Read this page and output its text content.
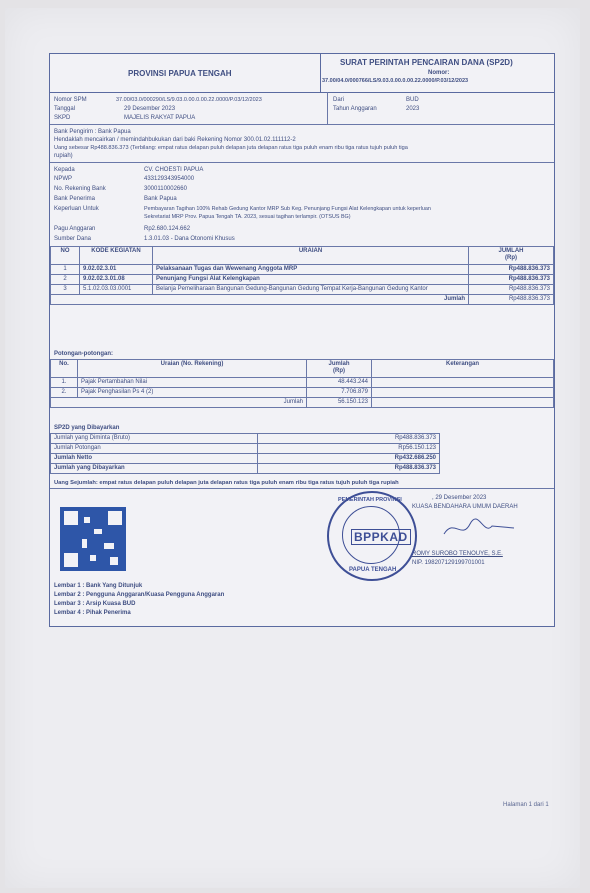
PROVINSI PAPUA TENGAH
SURAT PERINTAH PENCAIRAN DANA (SP2D)
Nomor:
37.00/04.0/000766/LS/9.03.0.00.0.00.22.0000/P.03/12/2023
Nomor SPM	37.00/03.0/000290/LS/9.03.0.00.0.00.22.0000/P.03/12/2023
Tanggal	29 Desember 2023
SKPD	MAJELIS RAKYAT PAPUA
Dari	BUD
Tahun Anggaran	2023
Bank Pengirim : Bank Papua
Hendaklah mencairkan / memindahbukukan dari baki Rekening Nomor 300.01.02.111112-2
Uang sebesar Rp488.836.373 (Terbilang: empat ratus delapan puluh delapan juta delapan ratus tiga puluh enam ribu tiga ratus tujuh puluh tiga
rupiah)
Kepada	CV. CHOESTI PAPUA
NPWP	433129343954000
No. Rekening Bank	3000110002660
Bank Penerima	Bank Papua
Keperluan Untuk	Pembayaran Tagihan 100% Rehab Gedung Kantor MRP Sub Keg. Penunjang Fungsi Alat Kelengkapan untuk keperluan
Sekretariat MRP Prov. Papua Tengah TA. 2023, sesuai tagihan terlampir. (OTSUS BG)
Pagu Anggaran	Rp2.680.124.662
Sumber Dana	1.3.01.03 - Dana Otonomi Khusus
NO	KODE KEGIATAN	URAIAN	JUMLAH
(Rp)
1	9.02.02.3.01	Pelaksanaan Tugas dan Wewenang Anggota MRP	Rp488.836.373
2	9.02.02.3.01.08	Penunjang Fungsi Alat Kelengkapan	Rp488.836.373
3	5.1.02.03.03.0001	Belanja Pemeliharaan Bangunan Gedung-Bangunan Gedung Tempat Kerja-Bangunan Gedung Kantor	Rp488.836.373
Jumlah			Rp488.836.373
Potongan-potongan:
No.	Uraian (No. Rekening)	Jumlah
(Rp)	Keterangan
1.	Pajak Pertambahan Nilai	48.443.244	
2.	Pajak Penghasilan Ps 4 (2)	7.706.879	
Jumlah		56.150.123	
SP2D yang Dibayarkan
Jumlah yang Diminta (Bruto)	Rp488.836.373
Jumlah Potongan	Rp56.150.123
Jumlah Netto	Rp432.686.250
Jumlah yang Dibayarkan	Rp488.836.373
Uang Sejumlah: empat ratus delapan puluh delapan juta delapan ratus tiga puluh enam ribu tiga ratus tujuh puluh tiga rupiah
, 29 Desember 2023
KUASA BENDAHARA UMUM DAERAH
ROMY SUROBO TENOUYE, S.E.
NIP. 198207129199701001
Lembar 1 : Bank Yang Ditunjuk
Lembar 2 : Pengguna Anggaran/Kuasa Pengguna Anggaran
Lembar 3 : Arsip Kuasa BUD
Lembar 4 : Pihak Penerima
PEMERINTAH PROVINSI
BPPKAD
PAPUA TENGAH
Halaman 1 dari 1
